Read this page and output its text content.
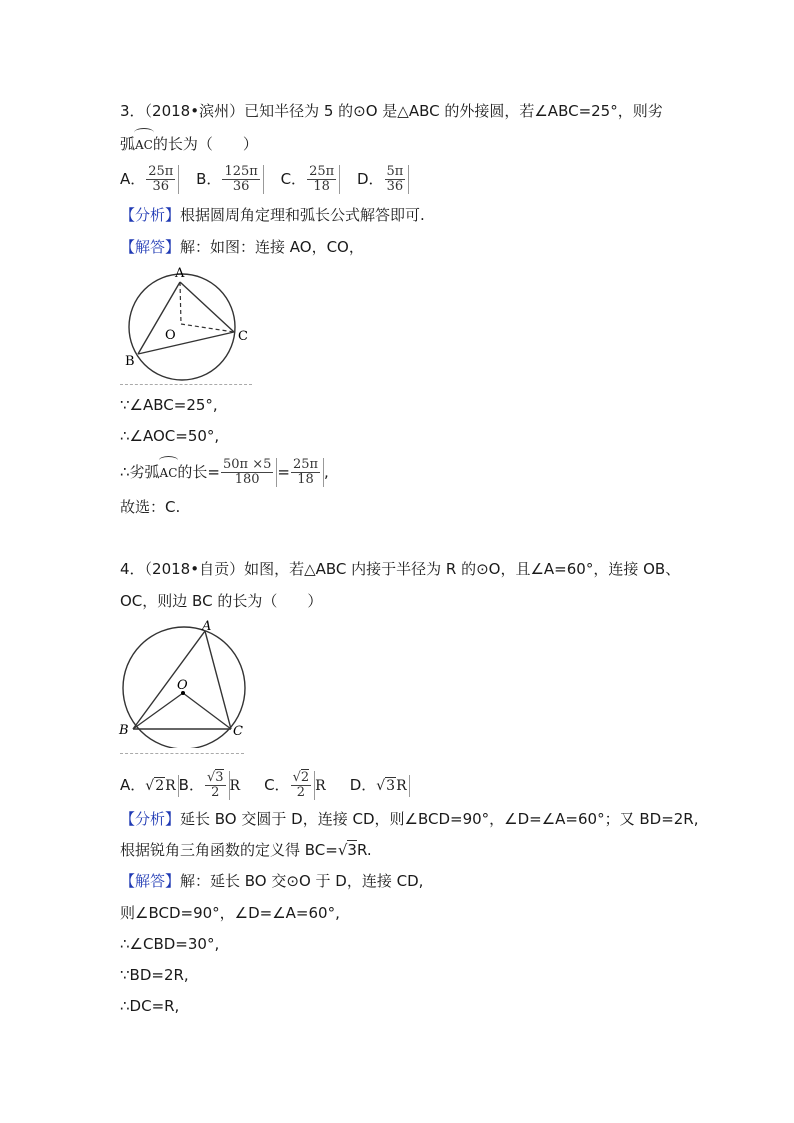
3．（2018•滨州）已知半径为 5 的⊙O 是△ABC 的外接圆，若∠ABC=25°，则劣
弧AC的长为（　　）
A． $\frac{25\pi}{36}$ B． $\frac{125\pi}{36}$ C． $\frac{25\pi}{18}$ D． $\frac{5\pi}{36}$
【分析】根据圆周角定理和弧长公式解答即可.
【解答】解：如图：连接 AO，CO，
A
B
C
O
∵∠ABC=25°,
∴∠AOC=50°,
∴劣弧AC的长= $\frac{50\pi \times 5}{180} = \frac{25\pi}{18}$ ,
故选：C.
4．（2018•自贡）如图，若△ABC 内接于半径为 R 的⊙O，且∠A=60°，连接 OB、
OC，则边 BC 的长为（　　）
A
B	C
O
A．√2R B． $\frac{√3}{2}$ R C． $\frac{√2}{2}$ R D．√3R
【分析】延长 BO 交圆于 D，连接 CD，则∠BCD=90°，∠D=∠A=60°；又 BD=2R,
根据锐角三角函数的定义得 BC=√3R.
【解答】解：延长 BO 交⊙O 于 D，连接 CD,
则∠BCD=90°，∠D=∠A=60°,
∴∠CBD=30°,
∵BD=2R,
∴DC=R,
